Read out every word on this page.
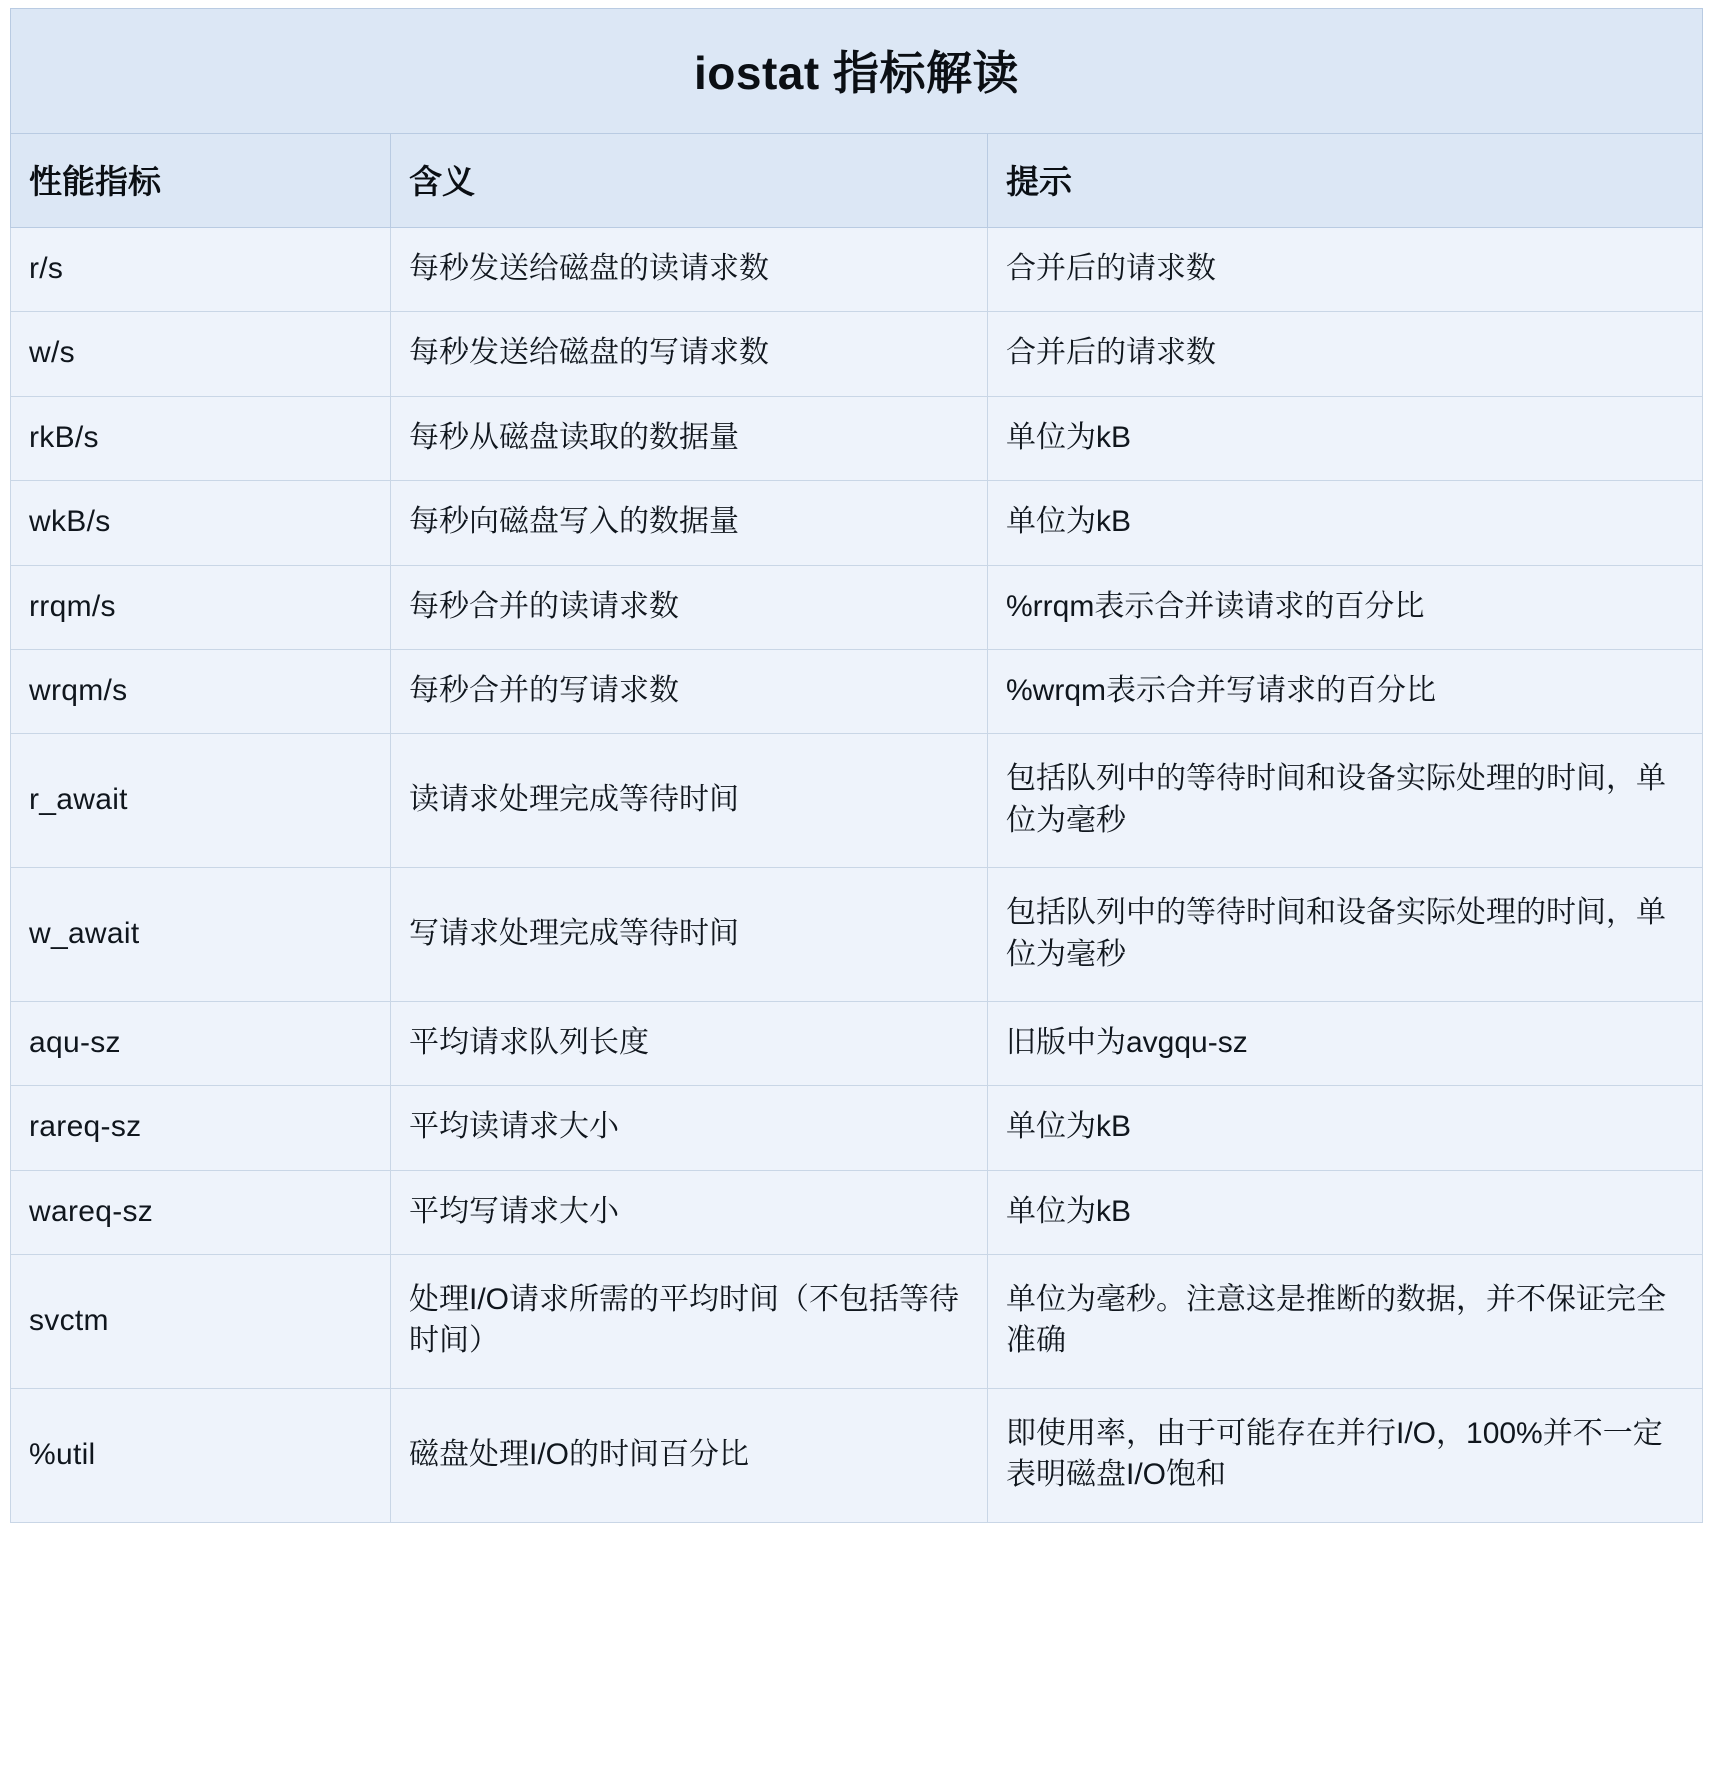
iostat 指标解读		
性能指标	含义	提示
r/s	每秒发送给磁盘的读请求数	合并后的请求数
w/s	每秒发送给磁盘的写请求数	合并后的请求数
rkB/s	每秒从磁盘读取的数据量	单位为kB
wkB/s	每秒向磁盘写入的数据量	单位为kB
rrqm/s	每秒合并的读请求数	%rrqm表示合并读请求的百分比
wrqm/s	每秒合并的写请求数	%wrqm表示合并写请求的百分比
r_await	读请求处理完成等待时间	包括队列中的等待时间和设备实际处理的时间，单位为毫秒
w_await	写请求处理完成等待时间	包括队列中的等待时间和设备实际处理的时间，单位为毫秒
aqu-sz	平均请求队列长度	旧版中为avgqu-sz
rareq-sz	平均读请求大小	单位为kB
wareq-sz	平均写请求大小	单位为kB
svctm	处理I/O请求所需的平均时间（不包括等待时间）	单位为毫秒。注意这是推断的数据，并不保证完全准确
%util	磁盘处理I/O的时间百分比	即使用率，由于可能存在并行I/O，100%并不一定表明磁盘I/O饱和
